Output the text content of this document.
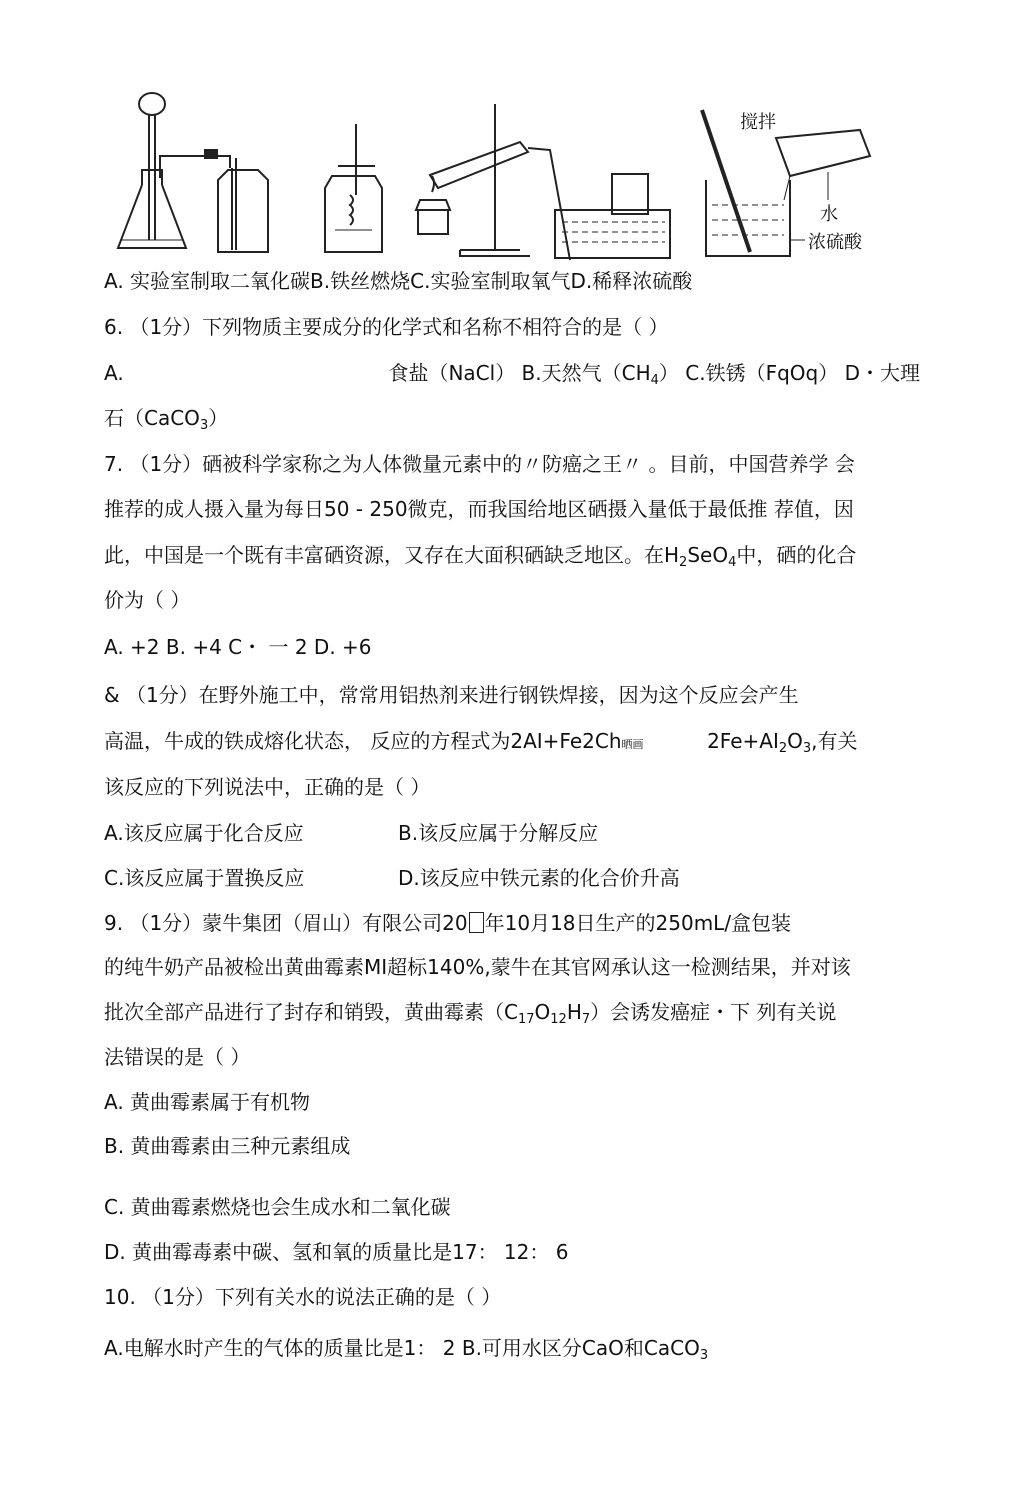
搅拌
水
浓硫酸
A. 实验室制取二氧化碳B.铁丝燃烧C.实验室制取氧气D.稀释浓硫酸
6. （1分）下列物质主要成分的化学式和名称不相符合的是（ ）
A.	食盐（NaCl） B.天然气$(CH_4)$ C.铁锈（FqOq） D・大理
石（CaCO$_3$）
7. （1分）硒被科学家称之为人体微量元素中的〃防癌之王〃 。目前，中国营养学 会
推荐的成人摄入量为每日50 - 250微克，而我国给地区硒摄入量低于最低推 荐值，因
此，中国是一个既有丰富硒资源，又存在大面积硒缺乏地区。在$H_2SeO_4$中，硒的化合
价为（ ）
A. +2 B. +4 C・ 一 2 D. +6
& （1分）在野外施工中，常常用铝热剂来进行钢铁焊接，因为这个反应会产生
高温，牛成的铁成熔化状态， 反应的方程式为2AI+Fe2Ch晒画          $2Fe+AI_2O_3$,有关
该反应的下列说法中，正确的是（ ）
A.该反应属于化合反应	B.该反应属于分解反应
C.该反应属于置换反应	D.该反应中铁元素的化合价升高
9. （1分）蒙牛集团（眉山）有限公司20 年10月18日生产的250mL/盒包装
的纯牛奶产品被检出黄曲霉素MI超标140%,蒙牛在其官网承认这一检测结果，并对该
批次全部产品进行了封存和销毁，黄曲霉素$(C_{17}O_{12}H_7)$会诱发癌症・下 列有关说
法错误的是（ ）
A. 黄曲霉素属于有机物
B. 黄曲霉素由三种元素组成
C. 黄曲霉素燃烧也会生成水和二氧化碳
D. 黄曲霉毒素中碳、氢和氧的质量比是17： 12： 6
10. （1分）下列有关水的说法正确的是（ ）
A.电解水时产生的气体的质量比是1： 2 B.可用水区分CaO和CaCO$_3$
